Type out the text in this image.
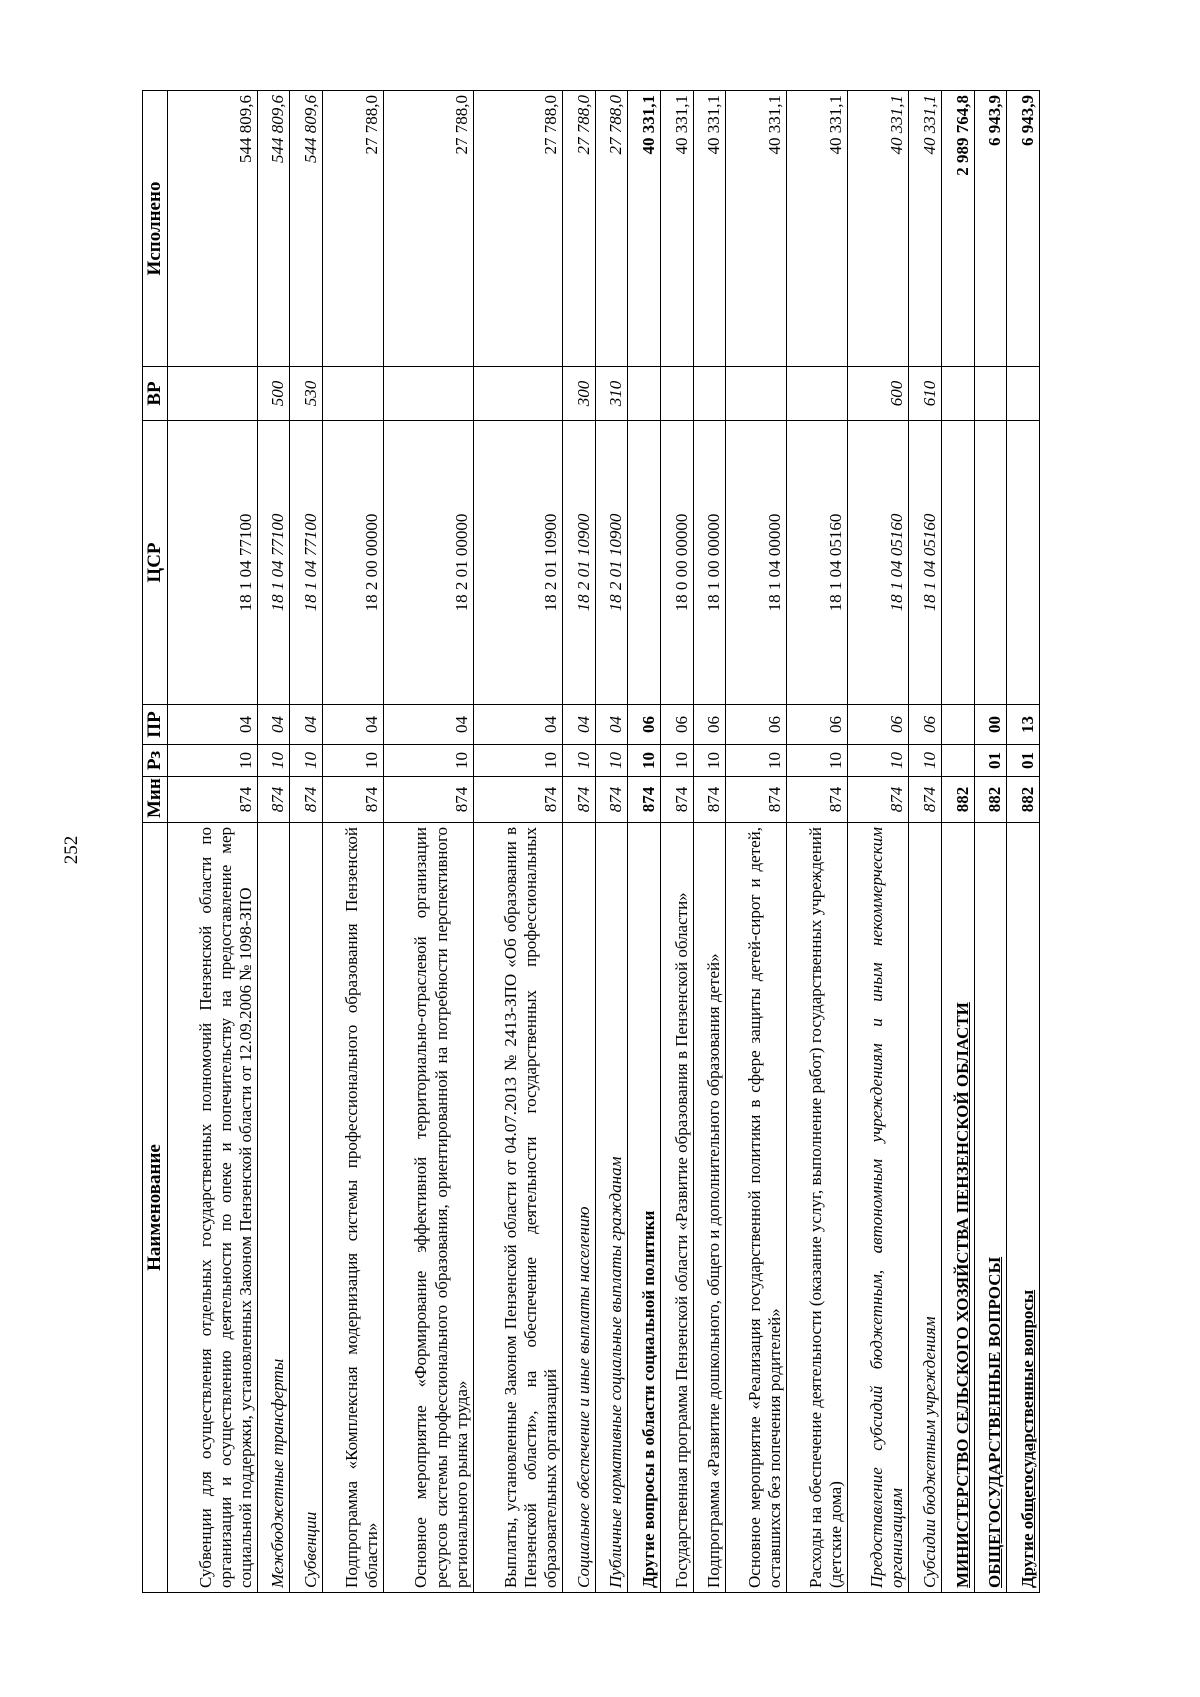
252
Наименование	Мин	Рз	ПР	ЦСР	ВР	Исполнено
Субвенции для осуществления отдельных государственных полномочий Пензенской области по организации и осуществлению деятельности по опеке и попечительству на предоставление мер социальной поддержки, установленных Законом Пензенской области от 12.09.2006 № 1098-ЗПО	874	10	04	18 1 04 77100		544 809,6
Межбюджетные трансферты	874	10	04	18 1 04 77100	500	544 809,6
Субвенции	874	10	04	18 1 04 77100	530	544 809,6
Подпрограмма «Комплексная модернизация системы профессионального образования Пензенской области»	874	10	04	18 2 00 00000		27 788,0
Основное мероприятие «Формирование эффективной территориально-отраслевой организации ресурсов системы профессионального образования, ориентированной на потребности перспективного регионального рынка труда»	874	10	04	18 2 01 00000		27 788,0
Выплаты, установленные Законом Пензенской области от 04.07.2013 № 2413-ЗПО «Об образовании в Пензенской области», на обеспечение деятельности государственных профессиональных образовательных организаций	874	10	04	18 2 01 10900		27 788,0
Социальное обеспечение и иные выплаты населению	874	10	04	18 2 01 10900	300	27 788,0
Публичные нормативные социальные выплаты гражданам	874	10	04	18 2 01 10900	310	27 788,0
Другие вопросы в области социальной политики	874	10	06			40 331,1
Государственная программа Пензенской области «Развитие образования в Пензенской области»	874	10	06	18 0 00 00000		40 331,1
Подпрограмма «Развитие дошкольного, общего и дополнительного образования детей»	874	10	06	18 1 00 00000		40 331,1
Основное мероприятие «Реализация государственной политики в сфере защиты детей-сирот и детей, оставшихся без попечения родителей»	874	10	06	18 1 04 00000		40 331,1
Расходы на обеспечение деятельности (оказание услуг, выполнение работ) государственных учреждений (детские дома)	874	10	06	18 1 04 05160		40 331,1
Предоставление субсидий бюджетным, автономным учреждениям и иным некоммерческим организациям	874	10	06	18 1 04 05160	600	40 331,1
Субсидии бюджетным учреждениям	874	10	06	18 1 04 05160	610	40 331,1
МИНИСТЕРСТВО СЕЛЬСКОГО ХОЗЯЙСТВА ПЕНЗЕНСКОЙ ОБЛАСТИ	882					2 989 764,8
ОБЩЕГОСУДАРСТВЕННЫЕ ВОПРОСЫ	882	01	00			6 943,9
Другие общегосударственные вопросы	882	01	13			6 943,9
